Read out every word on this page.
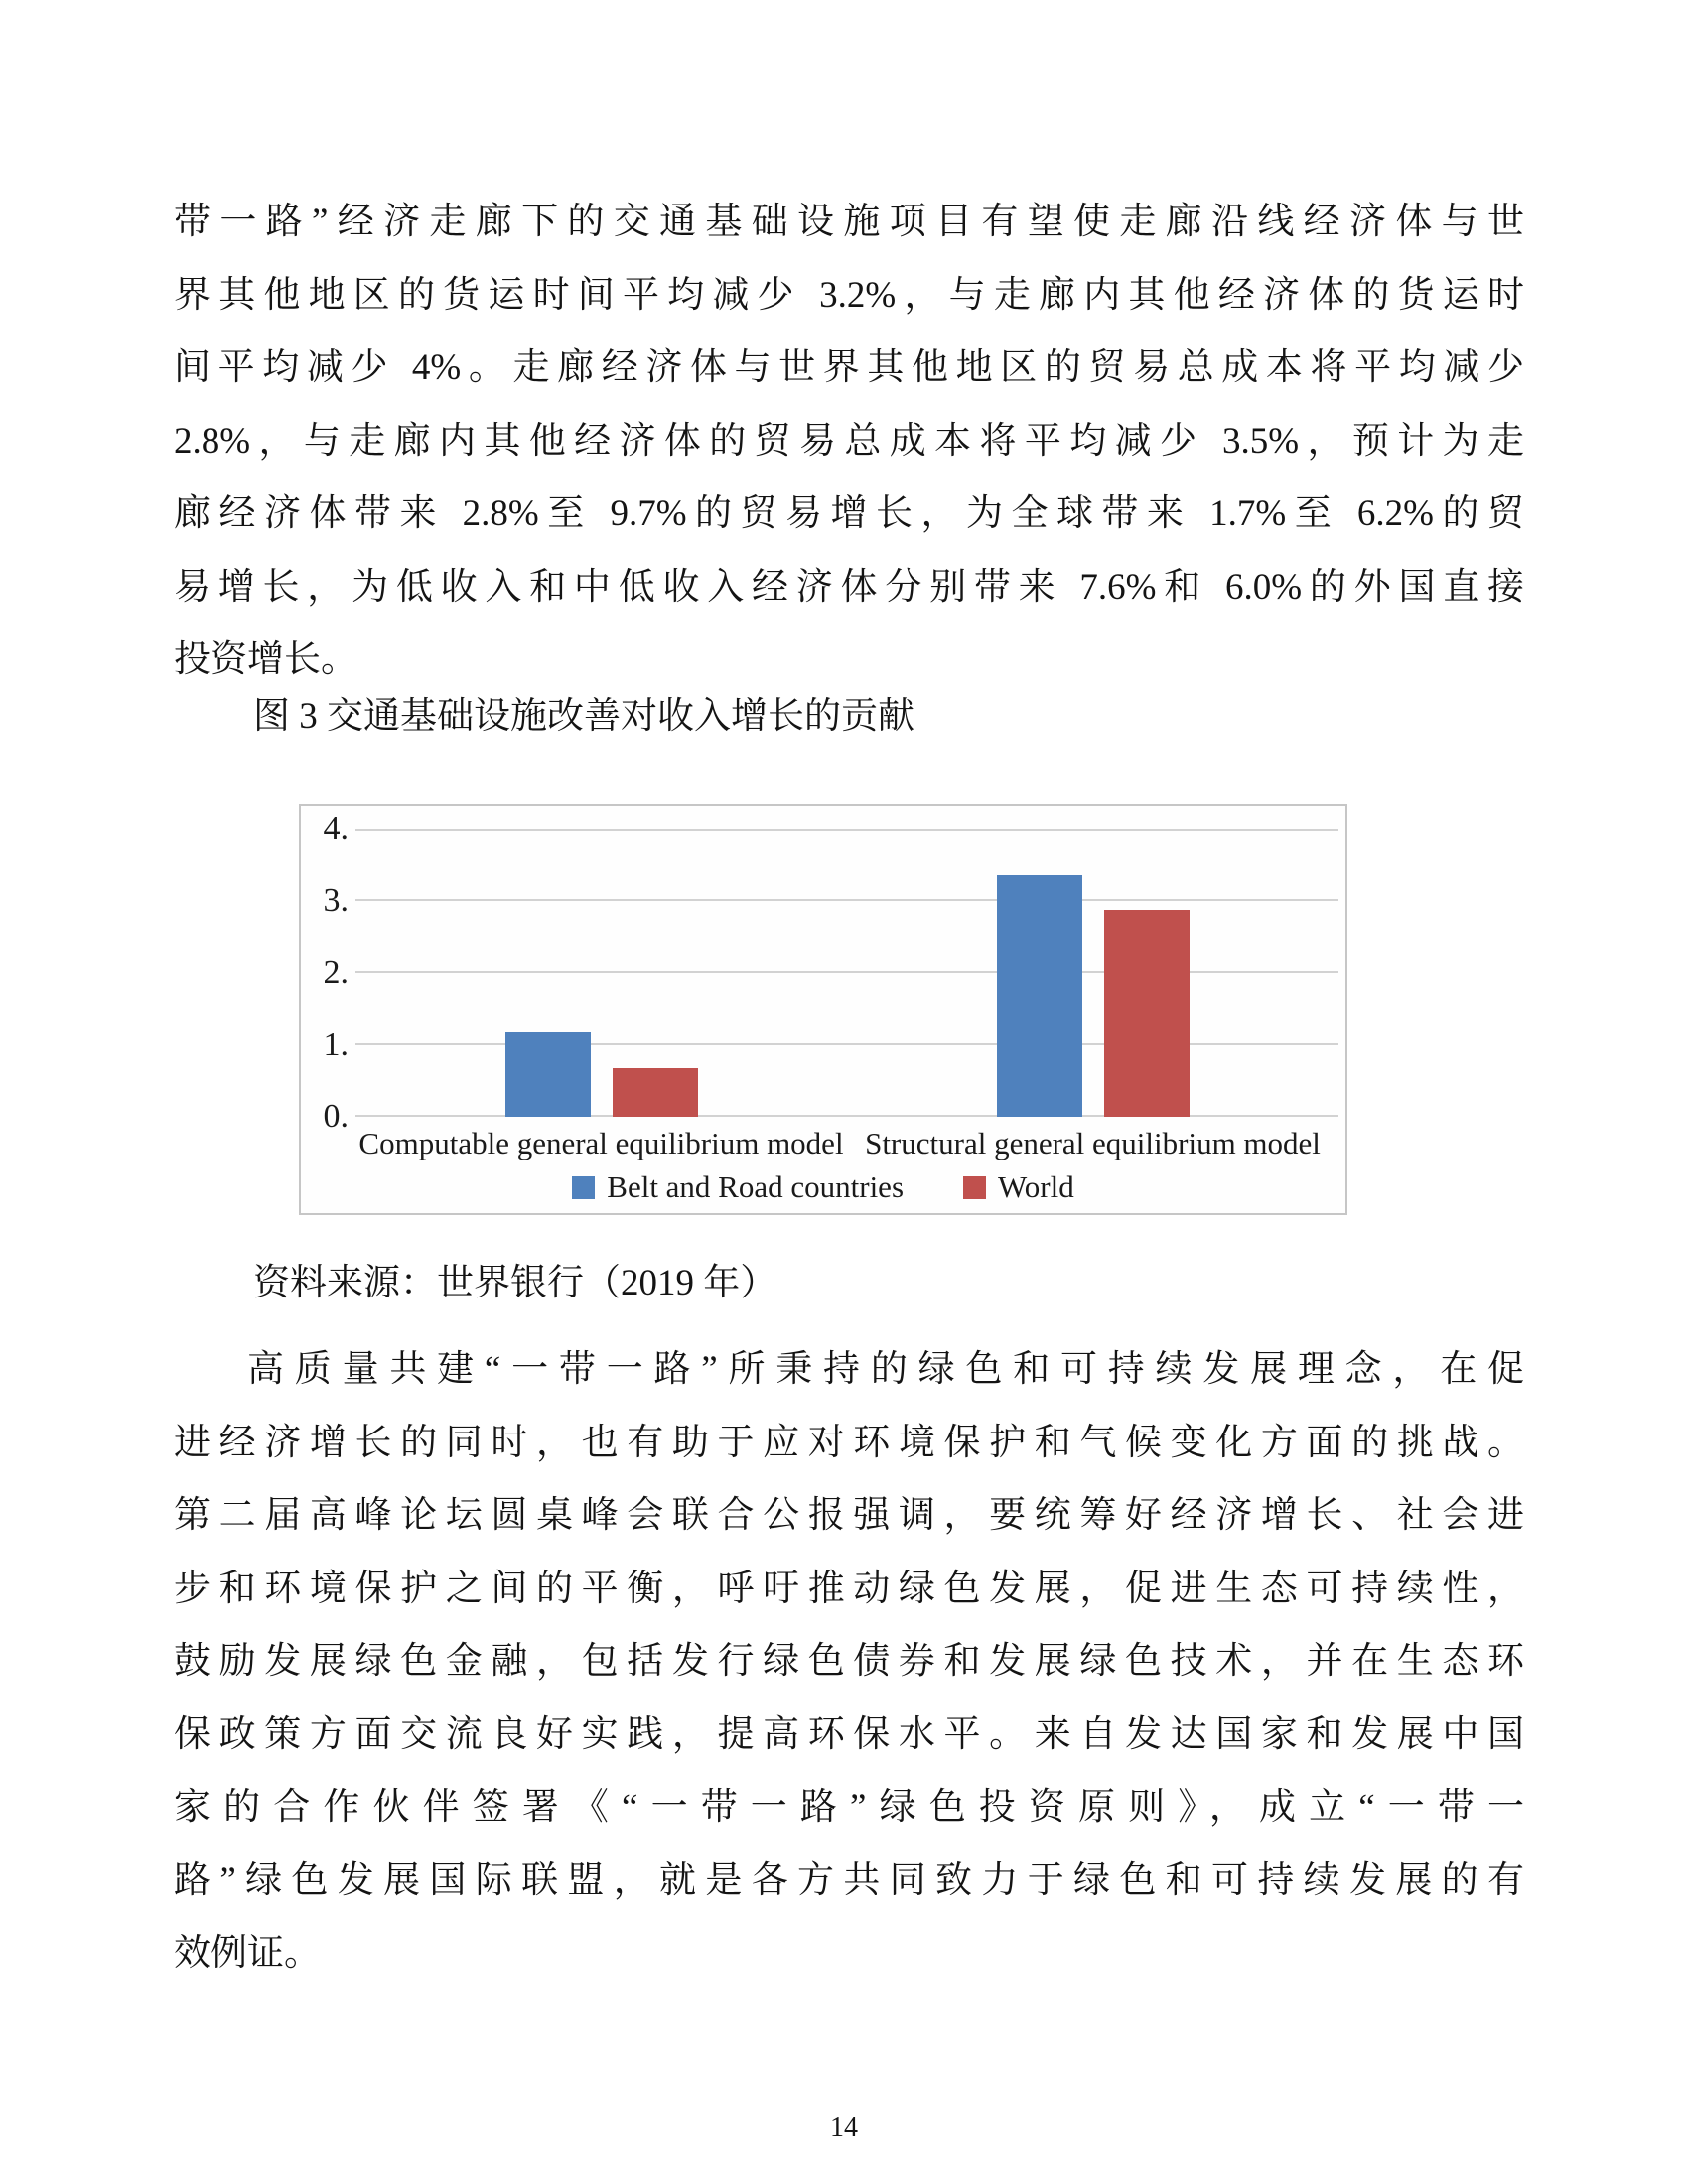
带一路”经济走廊下的交通基础设施项目有望使走廊沿线经济体与世
界其他地区的货运时间平均减少 3.2%，与走廊内其他经济体的货运时
间平均减少 4%。走廊经济体与世界其他地区的贸易总成本将平均减少
2.8%，与走廊内其他经济体的贸易总成本将平均减少 3.5%，预计为走
廊经济体带来 2.8%至 9.7%的贸易增长，为全球带来 1.7%至 6.2%的贸
易增长，为低收入和中低收入经济体分别带来 7.6%和 6.0%的外国直接
投资增长。
图 3 交通基础设施改善对收入增长的贡献
Computable general equilibrium model Structural general equilibrium model
Belt and Road countries	World
0.
1.
2.
3.
4.
资料来源：世界银行（2019 年）
高质量共建“一带一路”所秉持的绿色和可持续发展理念，在促
进经济增长的同时，也有助于应对环境保护和气候变化方面的挑战。
第二届高峰论坛圆桌峰会联合公报强调，要统筹好经济增长、社会进
步和环境保护之间的平衡，呼吁推动绿色发展，促进生态可持续性，
鼓励发展绿色金融，包括发行绿色债券和发展绿色技术，并在生态环
保政策方面交流良好实践，提高环保水平。来自发达国家和发展中国
家的合作伙伴签署《“一带一路”绿色投资原则》，成立“一带一
路”绿色发展国际联盟，就是各方共同致力于绿色和可持续发展的有
效例证。
14
